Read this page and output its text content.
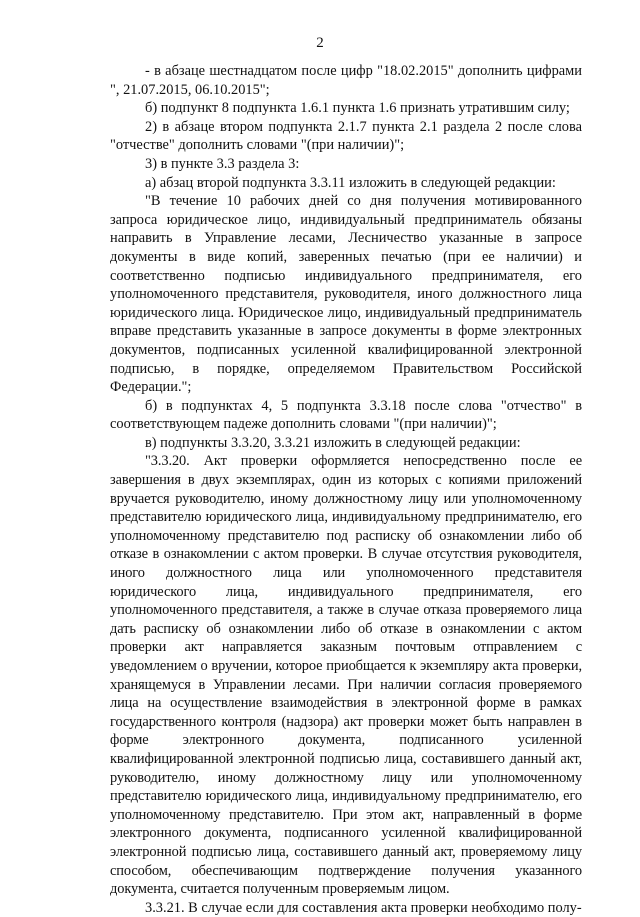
2

- в абзаце шестнадцатом после цифр "18.02.2015" дополнить цифрами ", 21.07.2015, 06.10.2015";

б) подпункт 8 подпункта 1.6.1 пункта 1.6 признать утратившим силу;

2) в абзаце втором подпункта 2.1.7 пункта 2.1 раздела 2 после слова "отчестве" дополнить словами "(при наличии)";

3) в пункте 3.3 раздела 3:

а) абзац второй подпункта 3.3.11 изложить в следующей редакции:

"В течение 10 рабочих дней со дня получения мотивированного запроса юридическое лицо, индивидуальный предприниматель обязаны направить в Управление лесами, Лесничество указанные в запросе документы в виде копий, заверенных печатью (при ее наличии) и соответственно подписью индивидуального предпринимателя, его уполномоченного представителя, руководителя, иного должностного лица юридического лица. Юридическое лицо, индивидуальный предприниматель вправе представить указанные в запросе документы в форме электронных документов, подписанных усиленной квалифицированной электронной подписью, в порядке, определяемом Правительством Российской Федерации.";

б) в подпунктах 4, 5 подпункта 3.3.18 после слова "отчество" в соответствующем падеже дополнить словами "(при наличии)";

в) подпункты 3.3.20, 3.3.21 изложить в следующей редакции:

"3.3.20. Акт проверки оформляется непосредственно после ее завершения в двух экземплярах, один из которых с копиями приложений вручается руководителю, иному должностному лицу или уполномоченному представителю юридического лица, индивидуальному предпринимателю, его уполномоченному представителю под расписку об ознакомлении либо об отказе в ознакомлении с актом проверки. В случае отсутствия руководителя, иного должностного лица или уполномоченного представителя юридического лица, индивидуального предпринимателя, его уполномоченного представителя, а также в случае отказа проверяемого лица дать расписку об ознакомлении либо об отказе в ознакомлении с актом проверки акт направляется заказным почтовым отправлением с уведомлением о вручении, которое приобщается к экземпляру акта проверки, хранящемуся в Управлении лесами. При наличии согласия проверяемого лица на осуществление взаимодействия в электронной форме в рамках государственного контроля (надзора) акт проверки может быть направлен в форме электронного документа, подписанного усиленной квалифицированной электронной подписью лица, составившего данный акт, руководителю, иному должностному лицу или уполномоченному представителю юридического лица, индивидуальному предпринимателю, его уполномоченному представителю. При этом акт, направленный в форме электронного документа, подписанного усиленной квалифицированной электронной подписью лица, составившего данный акт, проверяемому лицу способом, обеспечивающим подтверждение получения указанного документа, считается полученным проверяемым лицом.

3.3.21. В случае если для составления акта проверки необходимо полу-
